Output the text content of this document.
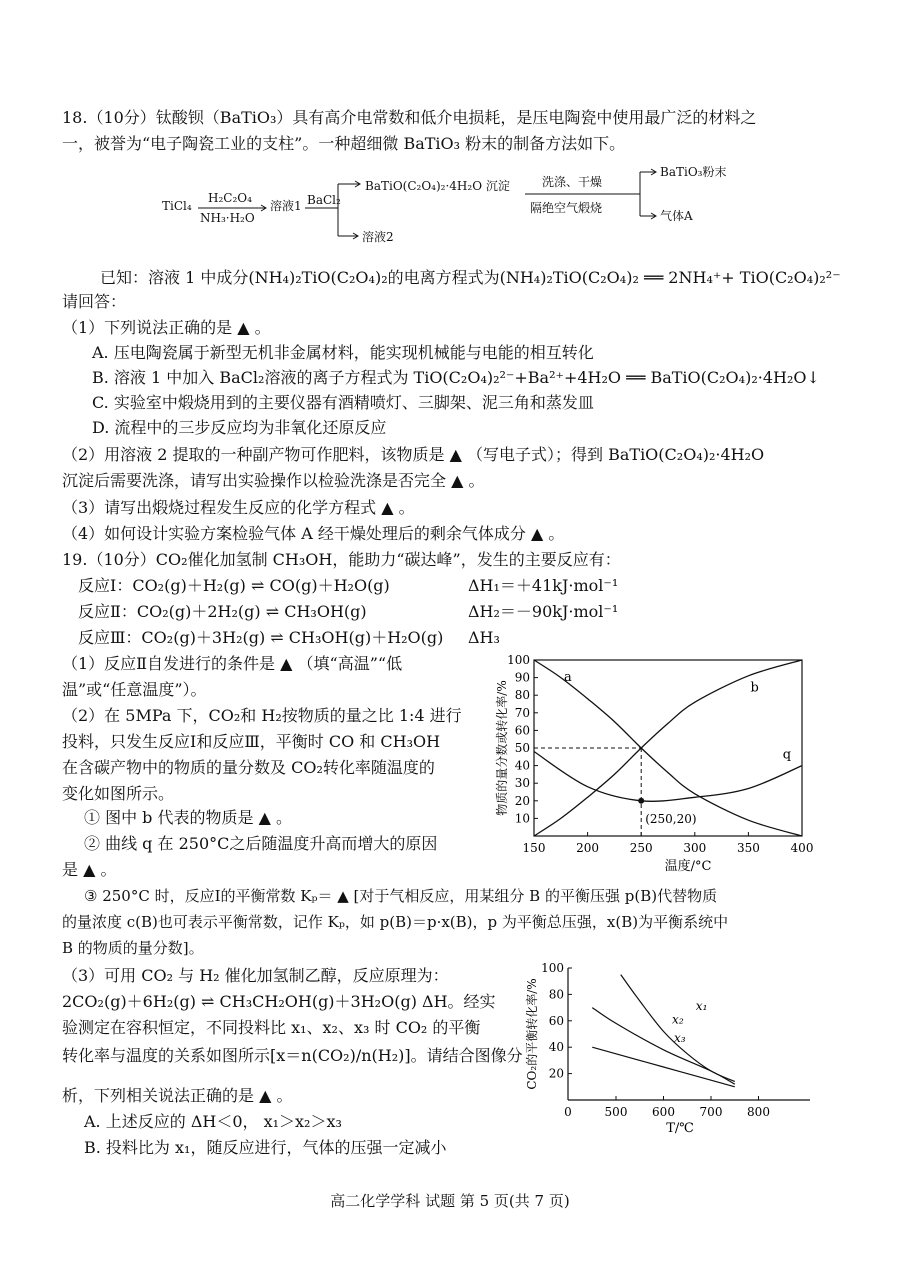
18.（10分）钛酸钡（BaTiO₃）具有高介电常数和低介电损耗，是压电陶瓷中使用最广泛的材料之
一，被誉为“电子陶瓷工业的支柱”。一种超细微 BaTiO₃ 粉末的制备方法如下。
TiCl₄
H₂C₂O₄
NH₃·H₂O
溶液1 BaCl₂
BaTiO(C₂O₄)₂·4H₂O 沉淀
溶液2
洗涤、干燥
隔绝空气煅烧
BaTiO₃粉末
气体A
已知：溶液 1 中成分(NH₄)₂TiO(C₂O₄)₂的电离方程式为(NH₄)₂TiO(C₂O₄)₂ ══ 2NH₄⁺+ TiO(C₂O₄)₂²⁻
请回答：
（1）下列说法正确的是 ▲ 。
A. 压电陶瓷属于新型无机非金属材料，能实现机械能与电能的相互转化
B. 溶液 1 中加入 BaCl₂溶液的离子方程式为 TiO(C₂O₄)₂²⁻+Ba²⁺+4H₂O ══ BaTiO(C₂O₄)₂·4H₂O↓
C. 实验室中煅烧用到的主要仪器有酒精喷灯、三脚架、泥三角和蒸发皿
D. 流程中的三步反应均为非氧化还原反应
（2）用溶液 2 提取的一种副产物可作肥料，该物质是 ▲ （写电子式）；得到 BaTiO(C₂O₄)₂·4H₂O
沉淀后需要洗涤，请写出实验操作以检验洗涤是否完全 ▲ 。
（3）请写出煅烧过程发生反应的化学方程式 ▲ 。
（4）如何设计实验方案检验气体 A 经干燥处理后的剩余气体成分 ▲ 。
19.（10分）CO₂催化加氢制 CH₃OH，能助力“碳达峰”，发生的主要反应有：
反应Ⅰ：CO₂(g)＋H₂(g) ⇌ CO(g)＋H₂O(g)	ΔH₁＝＋41kJ·mol⁻¹
反应Ⅱ：CO₂(g)＋2H₂(g) ⇌ CH₃OH(g)	ΔH₂＝－90kJ·mol⁻¹
反应Ⅲ：CO₂(g)＋3H₂(g) ⇌ CH₃OH(g)＋H₂O(g) ΔH₃
（1）反应Ⅱ自发进行的条件是 ▲ （填“高温”“低
温”或“任意温度”）。
（2）在 5MPa 下，CO₂和 H₂按物质的量之比 1:4 进行
投料，只发生反应Ⅰ和反应Ⅲ，平衡时 CO 和 CH₃OH
在含碳产物中的物质的量分数及 CO₂转化率随温度的
变化如图所示。
① 图中 b 代表的物质是 ▲ 。
② 曲线 q 在 250°C之后随温度升高而增大的原因
是 ▲ 。
③ 250°C 时，反应Ⅰ的平衡常数 Kₚ＝ ▲ [对于气相反应，用某组分 B 的平衡压强 p(B)代替物质
的量浓度 c(B)也可表示平衡常数，记作 Kₚ，如 p(B)＝p·x(B)，p 为平衡总压强，x(B)为平衡系统中
B 的物质的量分数]。
（3）可用 CO₂ 与 H₂ 催化加氢制乙醇，反应原理为：
2CO₂(g)＋6H₂(g) ⇌ CH₃CH₂OH(g)＋3H₂O(g) ΔH。经实
验测定在容积恒定，不同投料比 x₁、x₂、x₃ 时 CO₂ 的平衡
转化率与温度的关系如图所示[x＝n(CO₂)/n(H₂)]。请结合图像分
析，下列相关说法正确的是 ▲ 。
A. 上述反应的 ΔH＜0， x₁＞x₂＞x₃
B. 投料比为 x₁，随反应进行，气体的压强一定减小
10
20
30
40
50
60
70
80
90
100
150	200	250	300	350	400
温度/°C
物质的量分数或转化率/%
a
b
q
(250,20)
20
40
60
80
100
0	500 600 700 800
T/℃
CO₂的平衡转化率/%	x₁
x₂
x₃
高二化学学科 试题 第 5 页(共 7 页)
